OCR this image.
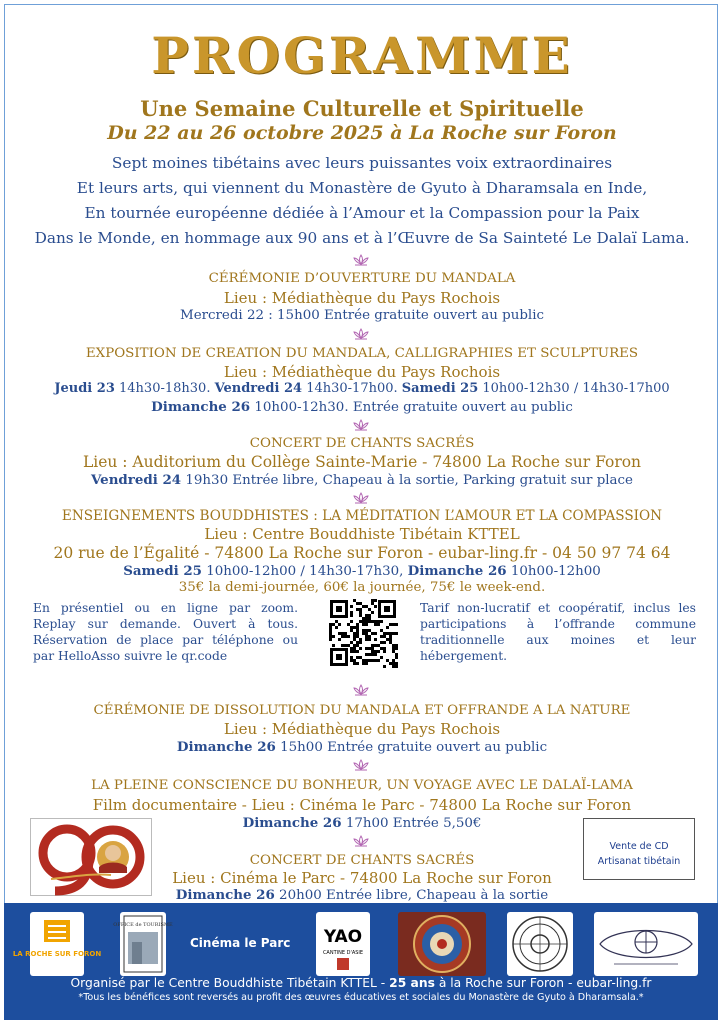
PROGRAMME
Une Semaine Culturelle et Spirituelle
Du 22 au 26 octobre 2025 à La Roche sur Foron
Sept moines tibétains avec leurs puissantes voix extraordinaires
Et leurs arts, qui viennent du Monastère de Gyuto à Dharamsala en Inde,
En tournée européenne dédiée à l’Amour et la Compassion pour la Paix
Dans le Monde, en hommage aux 90 ans et à l’Œuvre de Sa Sainteté Le Dalaï Lama.
CÉRÉMONIE D’OUVERTURE DU MANDALA
Lieu : Médiathèque du Pays Rochois
Mercredi 22 : 15h00 Entrée gratuite ouvert au public
EXPOSITION DE CREATION DU MANDALA, CALLIGRAPHIES ET SCULPTURES
Lieu : Médiathèque du Pays Rochois
Jeudi 23 14h30-18h30. Vendredi 24 14h30-17h00. Samedi 25 10h00-12h30 / 14h30-17h00
Dimanche 26 10h00-12h30. Entrée gratuite ouvert au public
CONCERT DE CHANTS SACRÉS
Lieu : Auditorium du Collège Sainte-Marie - 74800 La Roche sur Foron
Vendredi 24 19h30 Entrée libre, Chapeau à la sortie, Parking gratuit sur place
ENSEIGNEMENTS BOUDDHISTES : LA MÉDITATION L’AMOUR ET LA COMPASSION
Lieu : Centre Bouddhiste Tibétain KTTEL
20 rue de l’Égalité - 74800 La Roche sur Foron - eubar-ling.fr - 04 50 97 74 64
Samedi 25 10h00-12h00 / 14h30-17h30, Dimanche 26 10h00-12h00
35€ la demi-journée, 60€ la journée, 75€ le week-end.
En présentiel ou en ligne par zoom. Replay sur demande. Ouvert à tous. Réservation de place par téléphone ou par HelloAsso suivre le qr.code
Tarif non-lucratif et coopératif, inclus les participations à l’offrande commune traditionnelle aux moines et leur hébergement.
CÉRÉMONIE DE DISSOLUTION DU MANDALA ET OFFRANDE A LA NATURE
Lieu : Médiathèque du Pays Rochois
Dimanche 26 15h00 Entrée gratuite ouvert au public
LA PLEINE CONSCIENCE DU BONHEUR, UN VOYAGE AVEC LE DALAÏ-LAMA
Film documentaire - Lieu : Cinéma le Parc - 74800 La Roche sur Foron
Dimanche 26 17h00 Entrée 5,50€
CONCERT DE CHANTS SACRÉS
Lieu : Cinéma le Parc - 74800 La Roche sur Foron
Dimanche 26 20h00 Entrée libre, Chapeau à la sortie
Vente de CD
Artisanat tibétain
LA ROCHE SUR FORON
OFFICE de TOURISME
Cinéma le Parc YAO
CANTINE D'ASIE
Organisé par le Centre Bouddhiste Tibétain KTTEL - 25 ans à la Roche sur Foron - eubar-ling.fr
*Tous les bénéfices sont reversés au profit des œuvres éducatives et sociales du Monastère de Gyuto à Dharamsala.*
